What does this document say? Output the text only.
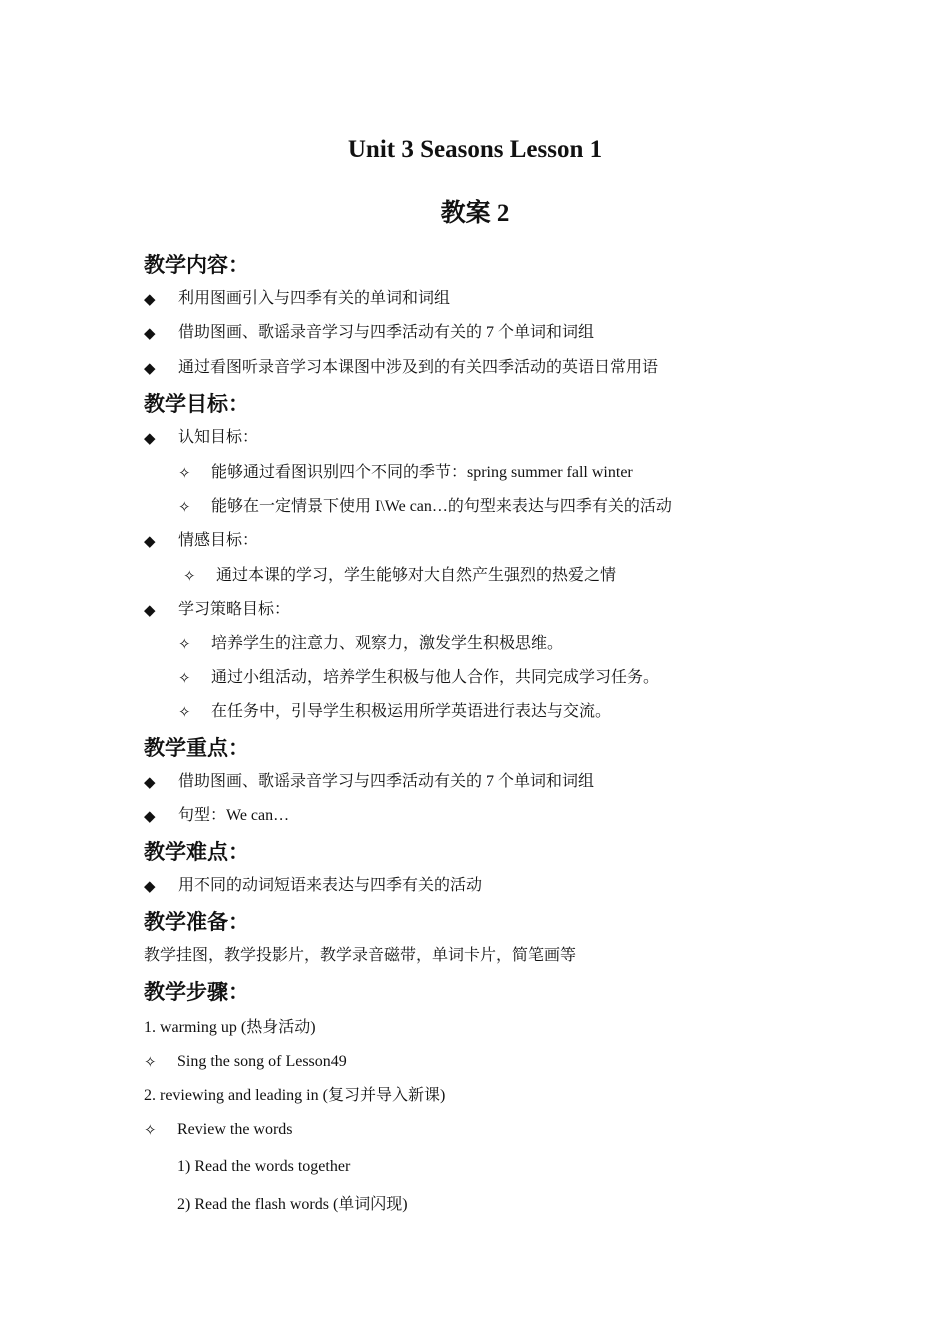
Unit 3 Seasons Lesson 1
教案 2
教学内容：
◆ 利用图画引入与四季有关的单词和词组
◆ 借助图画、歌谣录音学习与四季活动有关的 7 个单词和词组
◆ 通过看图听录音学习本课图中涉及到的有关四季活动的英语日常用语
教学目标：
◆ 认知目标：
✧ 能够通过看图识别四个不同的季节：spring summer fall winter
✧ 能够在一定情景下使用 I\We can…的句型来表达与四季有关的活动
◆ 情感目标：
✧ 通过本课的学习，学生能够对大自然产生强烈的热爱之情
◆ 学习策略目标：
✧ 培养学生的注意力、观察力，激发学生积极思维。
✧ 通过小组活动，培养学生积极与他人合作，共同完成学习任务。
✧ 在任务中，引导学生积极运用所学英语进行表达与交流。
教学重点：
◆ 借助图画、歌谣录音学习与四季活动有关的 7 个单词和词组
◆ 句型：We can…
教学难点：
◆ 用不同的动词短语来表达与四季有关的活动
教学准备：
教学挂图，教学投影片，教学录音磁带，单词卡片，简笔画等
教学步骤：
1. warming up (热身活动)
✧ Sing the song of Lesson49
2. reviewing and leading in (复习并导入新课)
✧ Review the words
1) Read the words together
2) Read the flash words (单词闪现)
